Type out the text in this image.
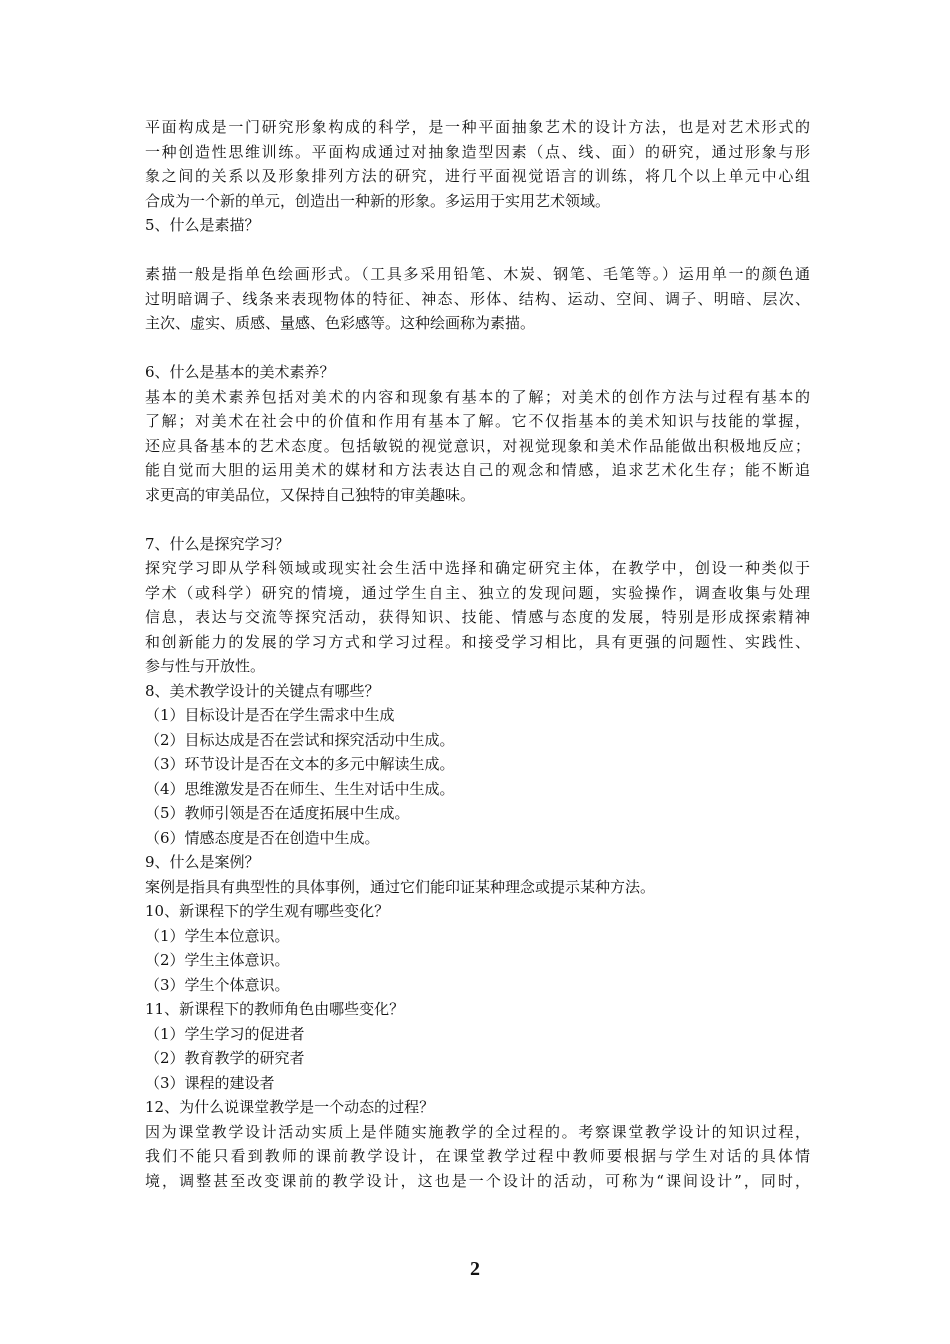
平面构成是一门研究形象构成的科学，是一种平面抽象艺术的设计方法，也是对艺术形式的
一种创造性思维训练。平面构成通过对抽象造型因素（点、线、面）的研究，通过形象与形
象之间的关系以及形象排列方法的研究，进行平面视觉语言的训练，将几个以上单元中心组
合成为一个新的单元，创造出一种新的形象。多运用于实用艺术领域。
5、什么是素描？
素描一般是指单色绘画形式。（工具多采用铅笔、木炭、钢笔、毛笔等。）运用单一的颜色通
过明暗调子、线条来表现物体的特征、神态、形体、结构、运动、空间、调子、明暗、层次、
主次、虚实、质感、量感、色彩感等。这种绘画称为素描。
6、什么是基本的美术素养？
基本的美术素养包括对美术的内容和现象有基本的了解；对美术的创作方法与过程有基本的
了解；对美术在社会中的价值和作用有基本了解。它不仅指基本的美术知识与技能的掌握，
还应具备基本的艺术态度。包括敏锐的视觉意识，对视觉现象和美术作品能做出积极地反应；
能自觉而大胆的运用美术的媒材和方法表达自己的观念和情感，追求艺术化生存；能不断追
求更高的审美品位，又保持自己独特的审美趣味。
7、什么是探究学习？
探究学习即从学科领域或现实社会生活中选择和确定研究主体，在教学中，创设一种类似于
学术（或科学）研究的情境，通过学生自主、独立的发现问题，实验操作，调查收集与处理
信息，表达与交流等探究活动，获得知识、技能、情感与态度的发展，特别是形成探索精神
和创新能力的发展的学习方式和学习过程。和接受学习相比，具有更强的问题性、实践性、
参与性与开放性。
8、美术教学设计的关键点有哪些？
（1）目标设计是否在学生需求中生成
（2）目标达成是否在尝试和探究活动中生成。
（3）环节设计是否在文本的多元中解读生成。
（4）思维激发是否在师生、生生对话中生成。
（5）教师引领是否在适度拓展中生成。
（6）情感态度是否在创造中生成。
9、什么是案例？
案例是指具有典型性的具体事例，通过它们能印证某种理念或提示某种方法。
10、新课程下的学生观有哪些变化？
（1）学生本位意识。
（2）学生主体意识。
（3）学生个体意识。
11、新课程下的教师角色由哪些变化？
（1）学生学习的促进者
（2）教育教学的研究者
（3）课程的建设者
12、为什么说课堂教学是一个动态的过程？
因为课堂教学设计活动实质上是伴随实施教学的全过程的。考察课堂教学设计的知识过程，
我们不能只看到教师的课前教学设计，在课堂教学过程中教师要根据与学生对话的具体情
境，调整甚至改变课前的教学设计，这也是一个设计的活动，可称为“课间设计”，同时，
2
